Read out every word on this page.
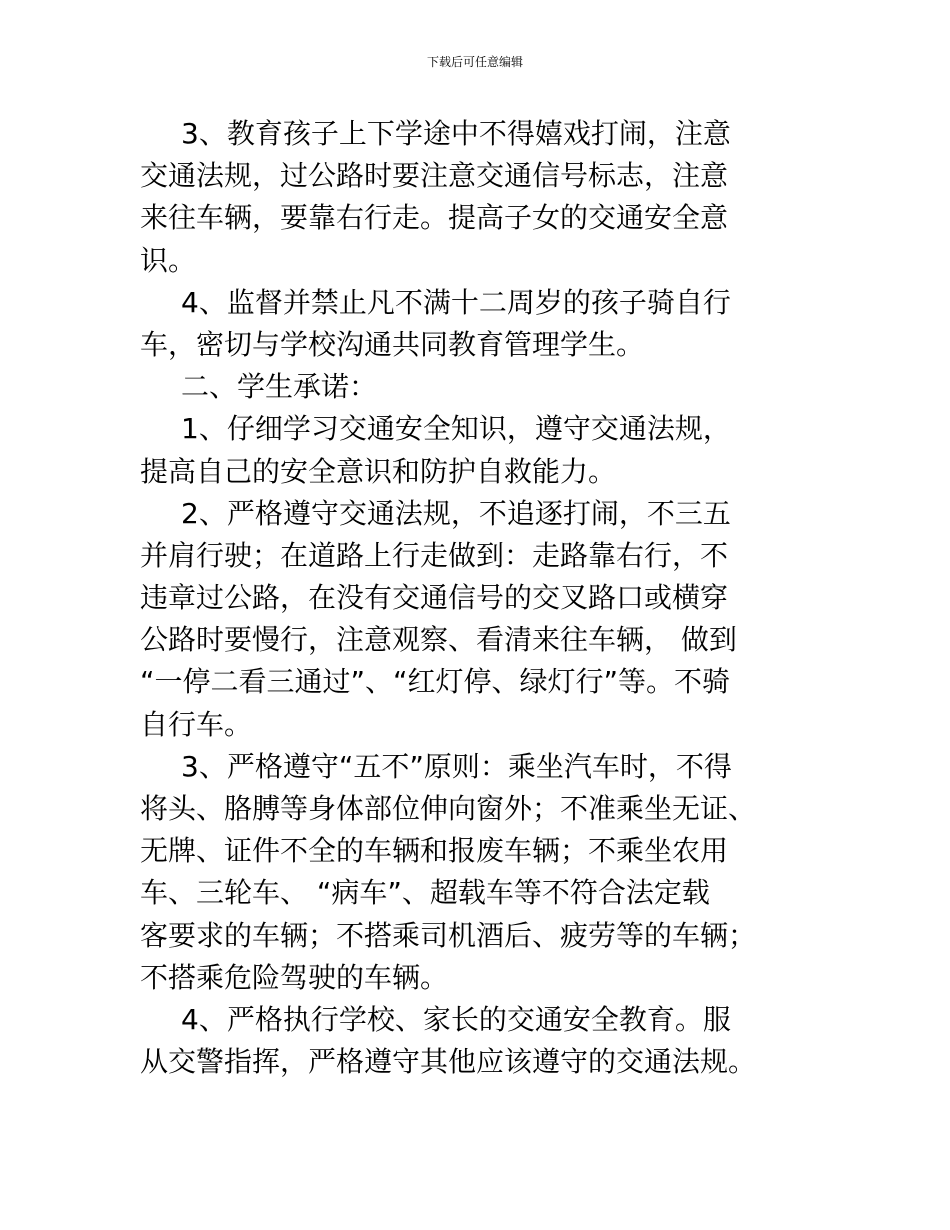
下载后可任意编辑
3、教育孩子上下学途中不得嬉戏打闹，注意
交通法规，过公路时要注意交通信号标志，注意
来往车辆，要靠右行走。提高子女的交通安全意
识。
4、监督并禁止凡不满十二周岁的孩子骑自行
车，密切与学校沟通共同教育管理学生。
二、学生承诺：
1、仔细学习交通安全知识，遵守交通法规，
提高自己的安全意识和防护自救能力。
2、严格遵守交通法规，不追逐打闹，不三五
并肩行驶；在道路上行走做到：走路靠右行，不
违章过公路，在没有交通信号的交叉路口或横穿
公路时要慢行，注意观察、看清来往车辆， 做到
“一停二看三通过”、“红灯停、绿灯行”等。不骑
自行车。
3、严格遵守“五不”原则：乘坐汽车时，不得
将头、胳膊等身体部位伸向窗外；不准乘坐无证、
无牌、证件不全的车辆和报废车辆；不乘坐农用
车、三轮车、 “病车”、超载车等不符合法定载
客要求的车辆；不搭乘司机酒后、疲劳等的车辆；
不搭乘危险驾驶的车辆。
4、严格执行学校、家长的交通安全教育。服
从交警指挥，严格遵守其他应该遵守的交通法规。
